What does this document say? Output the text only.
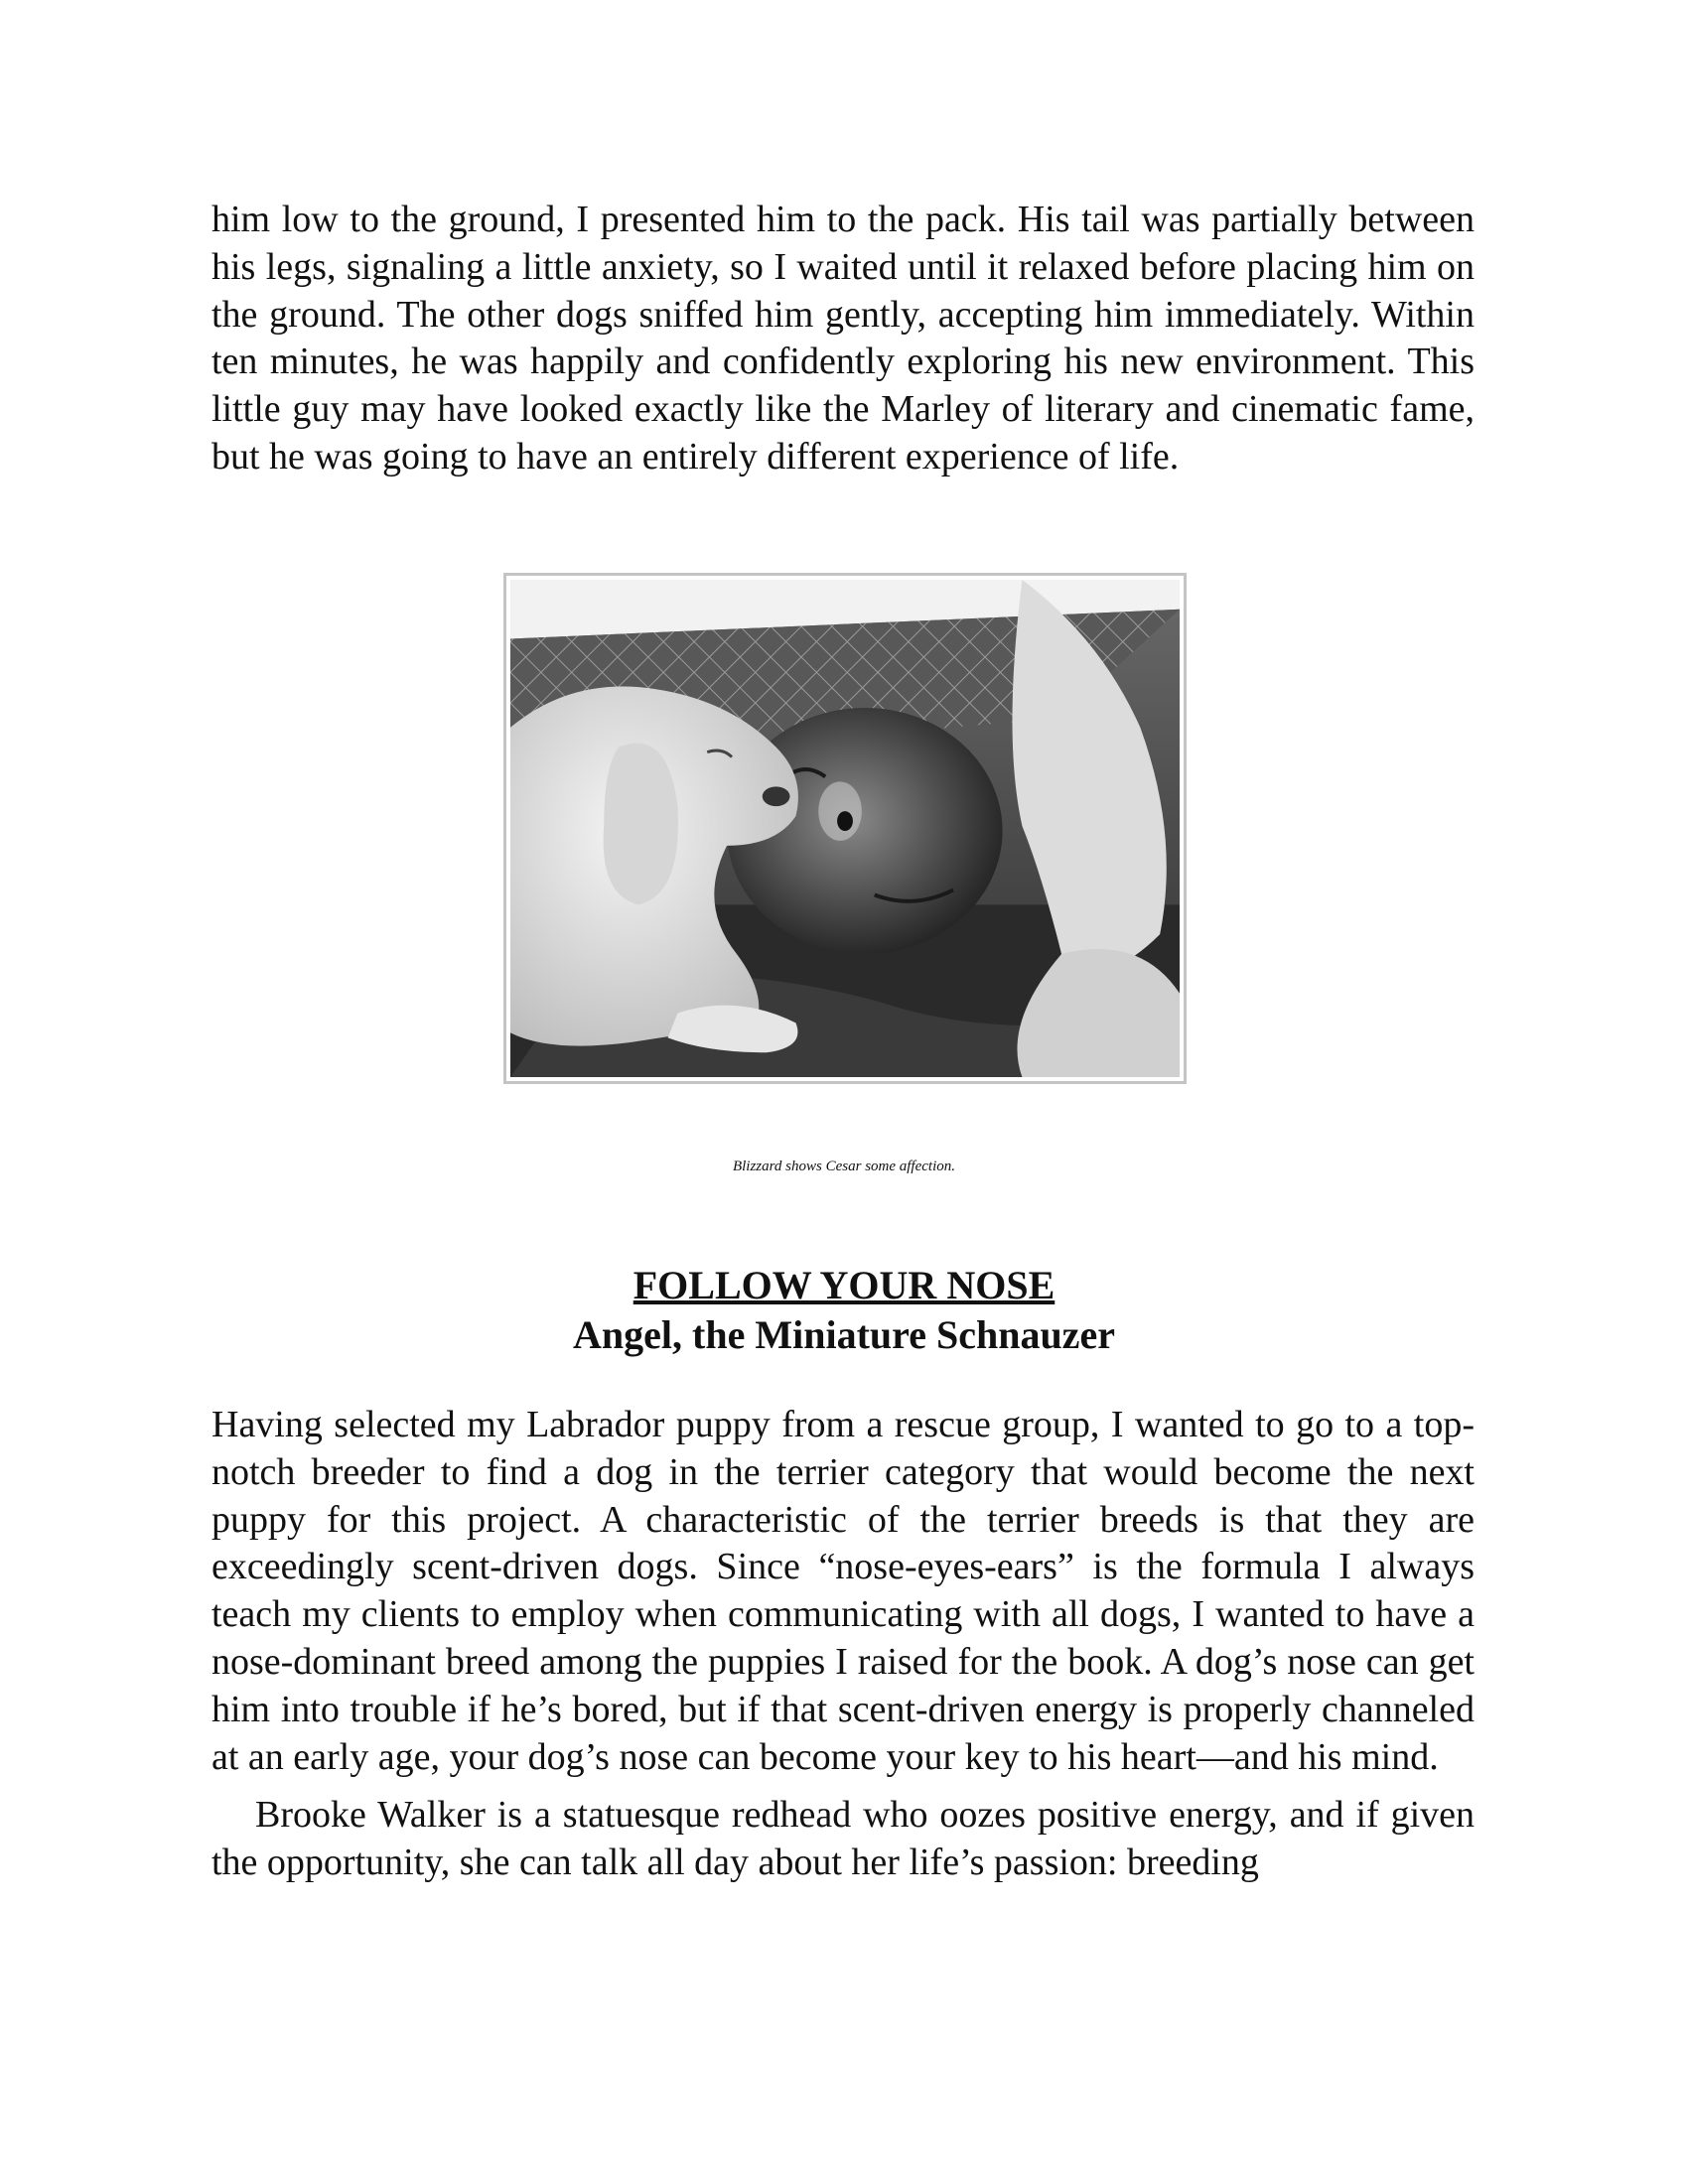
him low to the ground, I presented him to the pack. His tail was partially between his legs, signaling a little anxiety, so I waited until it relaxed before placing him on the ground. The other dogs sniffed him gently, accepting him immediately. Within ten minutes, he was happily and confidently exploring his new environment. This little guy may have looked exactly like the Marley of literary and cinematic fame, but he was going to have an entirely different experience of life.

Blizzard shows Cesar some affection.
FOLLOW YOUR NOSE
Angel, the Miniature Schnauzer

Having selected my Labrador puppy from a rescue group, I wanted to go to a top-notch breeder to find a dog in the terrier category that would become the next puppy for this project. A characteristic of the terrier breeds is that they are exceedingly scent-driven dogs. Since “nose-eyes-ears” is the formula I always teach my clients to employ when communicating with all dogs, I wanted to have a nose-dominant breed among the puppies I raised for the book. A dog’s nose can get him into trouble if he’s bored, but if that scent-driven energy is properly channeled at an early age, your dog’s nose can become your key to his heart—and his mind.

Brooke Walker is a statuesque redhead who oozes positive energy, and if given the opportunity, she can talk all day about her life’s passion: breeding
